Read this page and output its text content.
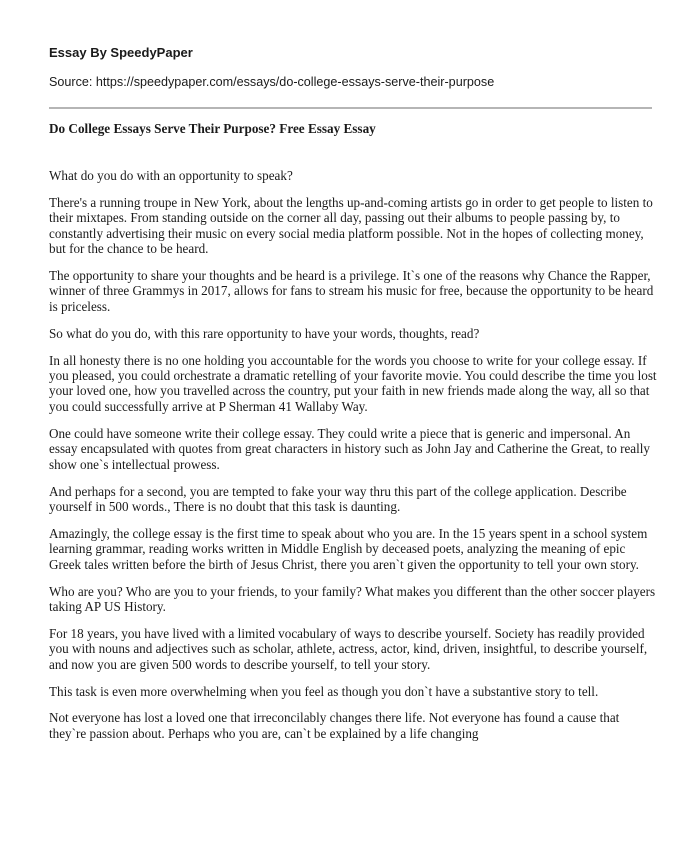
Essay By SpeedyPaper

Source: https://speedypaper.com/essays/do-college-essays-serve-their-purpose

Do College Essays Serve Their Purpose? Free Essay Essay

What do you do with an opportunity to speak?

There's a running troupe in New York, about the lengths up-and-coming artists go in order to get people to listen to their mixtapes. From standing outside on the corner all day, passing out their albums to people passing by, to constantly advertising their music on every social media platform possible. Not in the hopes of collecting money, but for the chance to be heard.

The opportunity to share your thoughts and be heard is a privilege. It`s one of the reasons why Chance the Rapper, winner of three Grammys in 2017, allows for fans to stream his music for free, because the opportunity to be heard is priceless.

So what do you do, with this rare opportunity to have your words, thoughts, read?

In all honesty there is no one holding you accountable for the words you choose to write for your college essay. If you pleased, you could orchestrate a dramatic retelling of your favorite movie. You could describe the time you lost your loved one, how you travelled across the country, put your faith in new friends made along the way, all so that you could successfully arrive at P Sherman 41 Wallaby Way.

One could have someone write their college essay. They could write a piece that is generic and impersonal. An essay encapsulated with quotes from great characters in history such as John Jay and Catherine the Great, to really show one`s intellectual prowess.

And perhaps for a second, you are tempted to fake your way thru this part of the college application. Describe yourself in 500 words., There is no doubt that this task is daunting.

Amazingly, the college essay is the first time to speak about who you are. In the 15 years spent in a school system learning grammar, reading works written in Middle English by deceased poets, analyzing the meaning of epic Greek tales written before the birth of Jesus Christ, there you aren`t given the opportunity to tell your own story.

Who are you? Who are you to your friends, to your family? What makes you different than the other soccer players taking AP US History.

For 18 years, you have lived with a limited vocabulary of ways to describe yourself. Society has readily provided you with nouns and adjectives such as scholar, athlete, actress, actor, kind, driven, insightful, to describe yourself, and now you are given 500 words to describe yourself, to tell your story.

This task is even more overwhelming when you feel as though you don`t have a substantive story to tell.

Not everyone has lost a loved one that irreconcilably changes there life. Not everyone has found a cause that they`re passion about. Perhaps who you are, can`t be explained by a life changing
